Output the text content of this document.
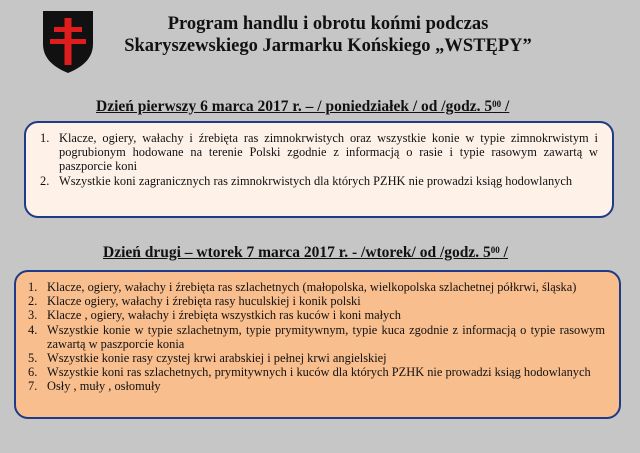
Program handlu i obrotu końmi podczas
Skaryszewskiego Jarmarku Końskiego „WSTĘPY”
Dzień pierwszy 6 marca 2017 r. – / poniedziałek / od /godz. $5^{00}$ /
1. Klacze, ogiery, wałachy i źrebięta ras zimnokrwistych oraz wszystkie konie w typie zimnokrwistym i pogrubionym hodowane na terenie Polski zgodnie z informacją o rasie i typie rasowym zawartą w paszporcie koni
2. Wszystkie koni zagranicznych ras zimnokrwistych dla których PZHK nie prowadzi ksiąg hodowlanych
Dzień drugi – wtorek 7 marca 2017 r. - /wtorek/ od /godz. $5^{00}$ /
1. Klacze, ogiery, wałachy i źrebięta ras szlachetnych (małopolska, wielkopolska szlachetnej półkrwi, śląska)
2. Klacze ogiery, wałachy i źrebięta rasy huculskiej i konik polski
3. Klacze , ogiery, wałachy i źrebięta wszystkich ras kuców i koni małych
4. Wszystkie konie w typie szlachetnym, typie prymitywnym, typie kuca zgodnie z informacją o typie rasowym zawartą w paszporcie konia
5. Wszystkie konie rasy czystej krwi arabskiej i pełnej krwi angielskiej
6. Wszystkie koni ras szlachetnych, prymitywnych i kuców dla których PZHK nie prowadzi ksiąg hodowlanych
7. Osły , muły , osłomuły
